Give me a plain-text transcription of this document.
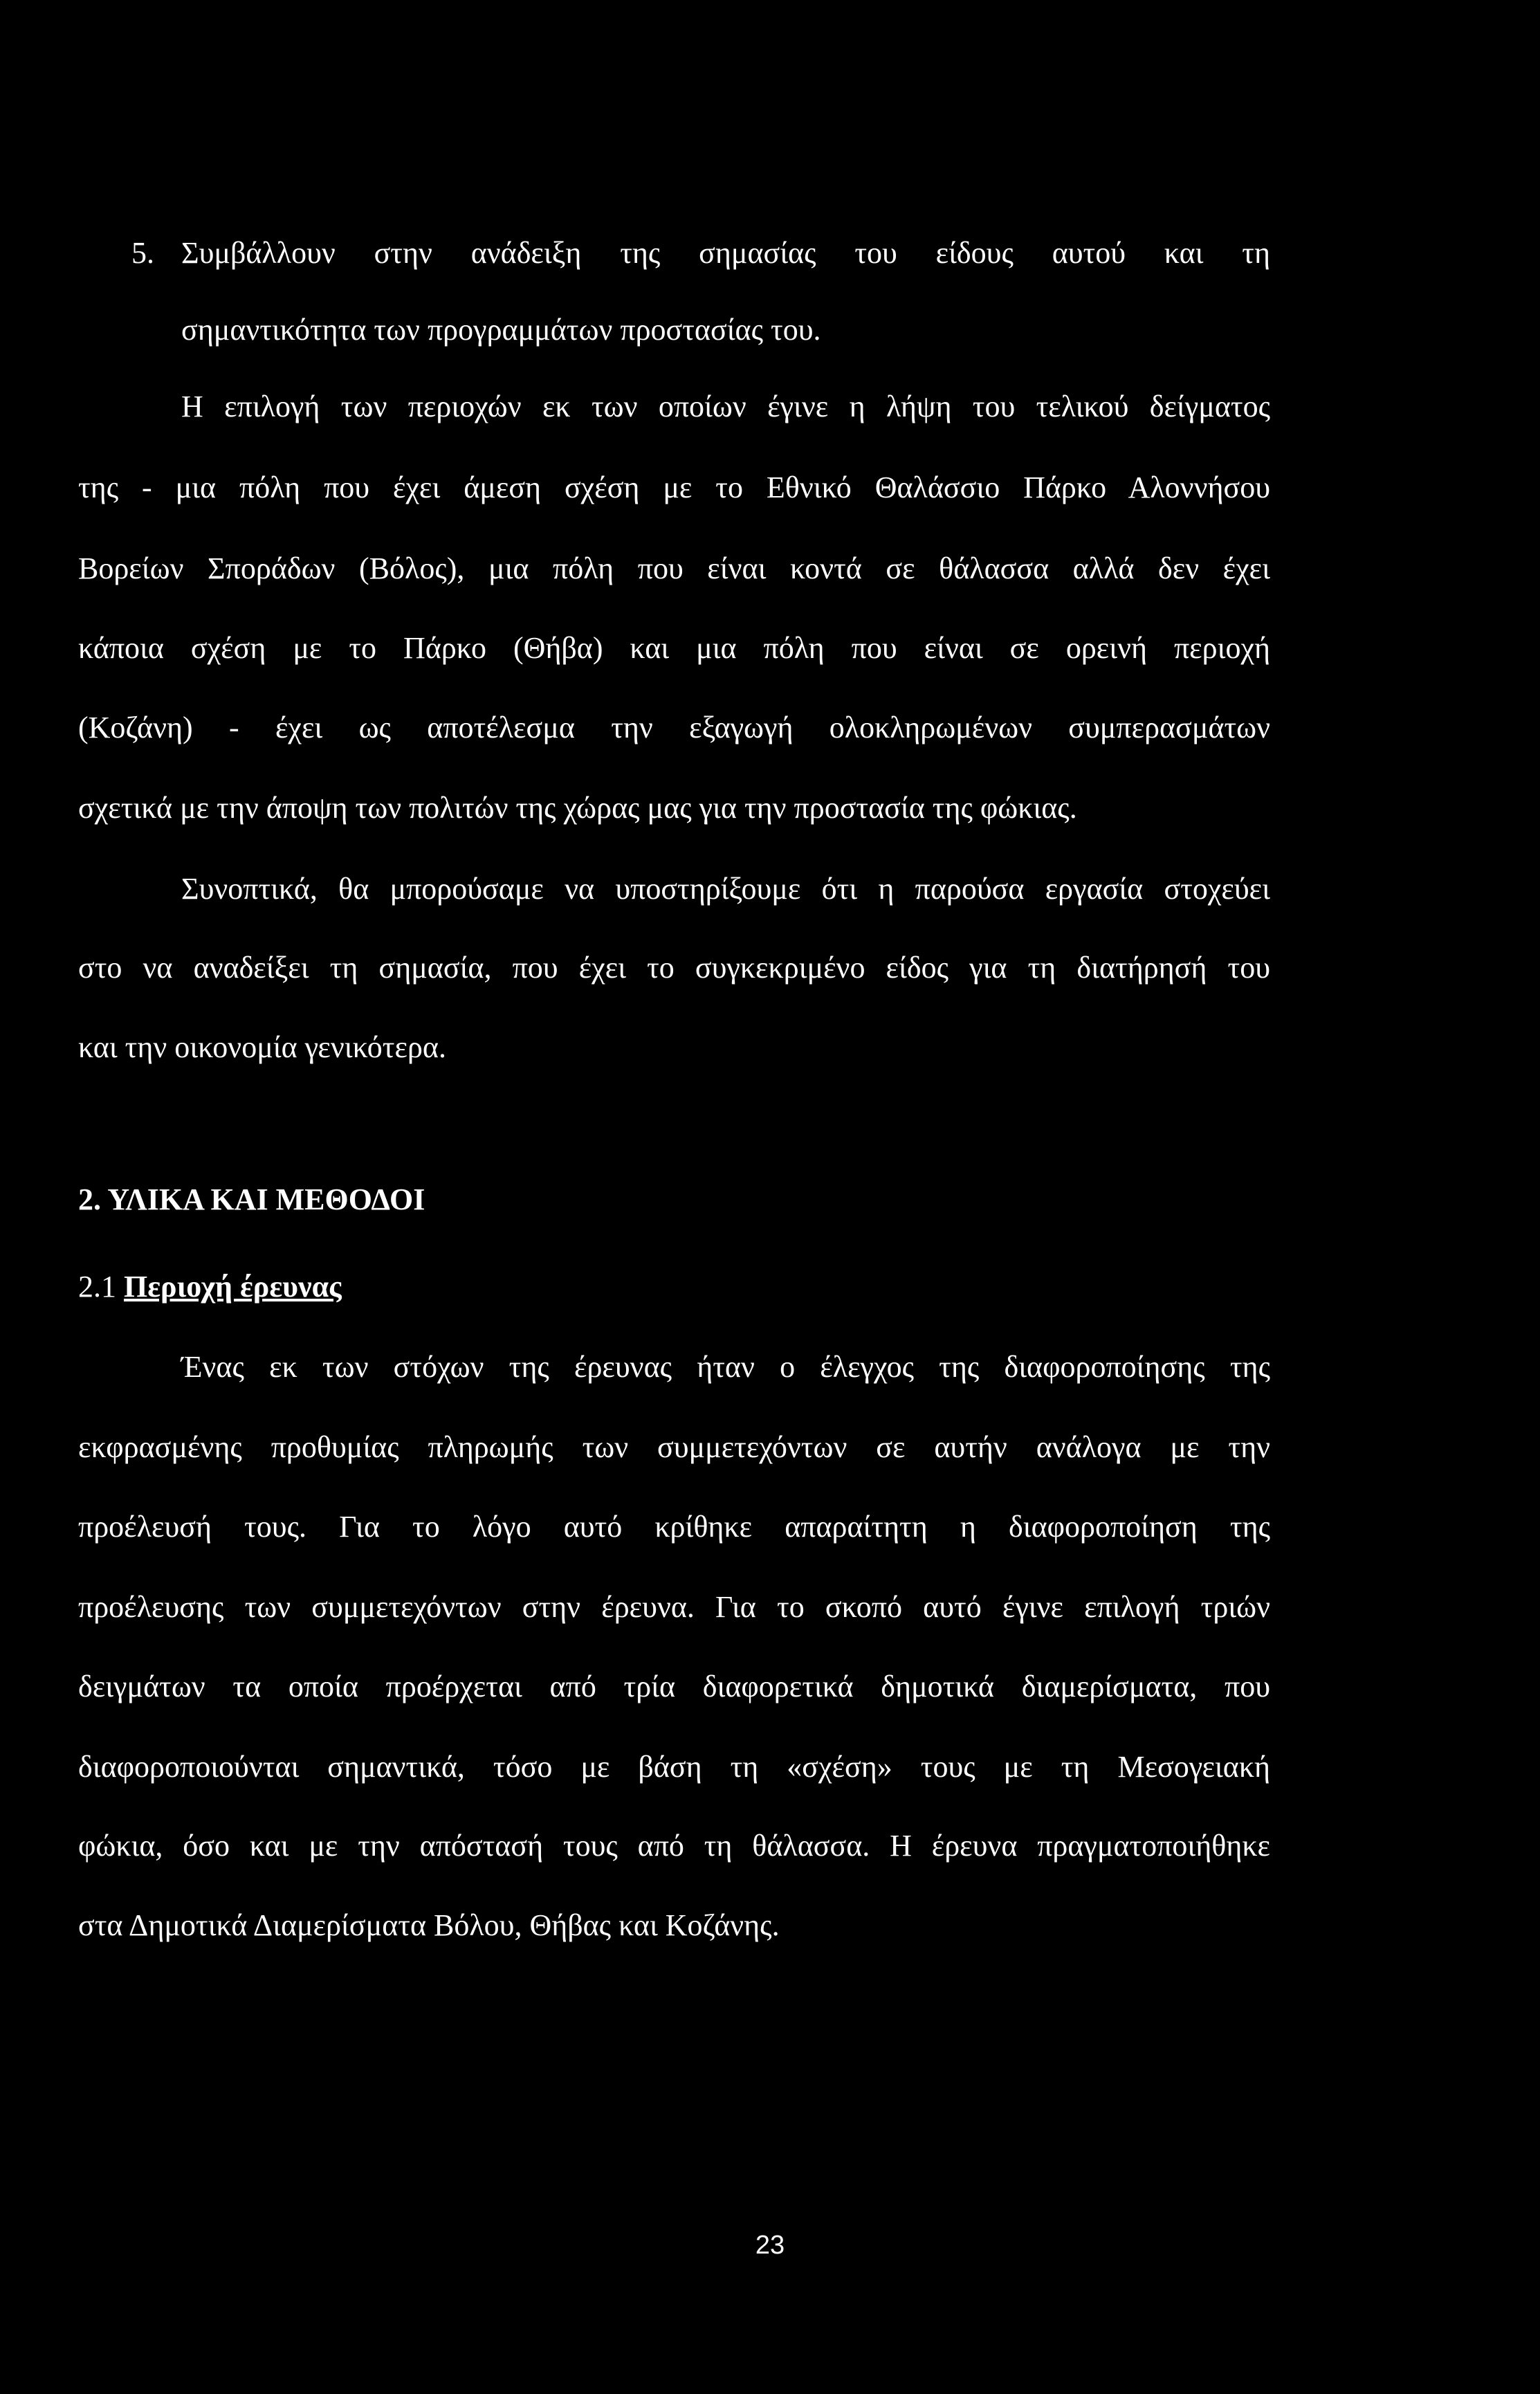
5. Συμβάλλουν στην ανάδειξη της σημασίας του είδους αυτού και τη
σημαντικότητα των προγραμμάτων προστασίας του.
Η επιλογή των περιοχών εκ των οποίων έγινε η λήψη του τελικού δείγματος
της - μια πόλη που έχει άμεση σχέση με το Εθνικό Θαλάσσιο Πάρκο Αλοννήσου
Βορείων Σποράδων (Βόλος), μια πόλη που είναι κοντά σε θάλασσα αλλά δεν έχει
κάποια σχέση με το Πάρκο (Θήβα) και μια πόλη που είναι σε ορεινή περιοχή
(Κοζάνη) - έχει ως αποτέλεσμα την εξαγωγή ολοκληρωμένων συμπερασμάτων
σχετικά με την άποψη των πολιτών της χώρας μας για την προστασία της φώκιας.
Συνοπτικά, θα μπορούσαμε να υποστηρίξουμε ότι η παρούσα εργασία στοχεύει
στο να αναδείξει τη σημασία, που έχει το συγκεκριμένο είδος για τη διατήρησή του
και την οικονομία γενικότερα.
2. ΥΛΙΚΑ ΚΑΙ ΜΕΘΟΔΟΙ
2.1 Περιοχή έρευνας
Ένας εκ των στόχων της έρευνας ήταν ο έλεγχος της διαφοροποίησης της
εκφρασμένης προθυμίας πληρωμής των συμμετεχόντων σε αυτήν ανάλογα με την
προέλευσή τους. Για το λόγο αυτό κρίθηκε απαραίτητη η διαφοροποίηση της
προέλευσης των συμμετεχόντων στην έρευνα. Για το σκοπό αυτό έγινε επιλογή τριών
δειγμάτων τα οποία προέρχεται από τρία διαφορετικά δημοτικά διαμερίσματα, που
διαφοροποιούνται σημαντικά, τόσο με βάση τη «σχέση» τους με τη Μεσογειακή
φώκια, όσο και με την απόστασή τους από τη θάλασσα. Η έρευνα πραγματοποιήθηκε
στα Δημοτικά Διαμερίσματα Βόλου, Θήβας και Κοζάνης.
23
